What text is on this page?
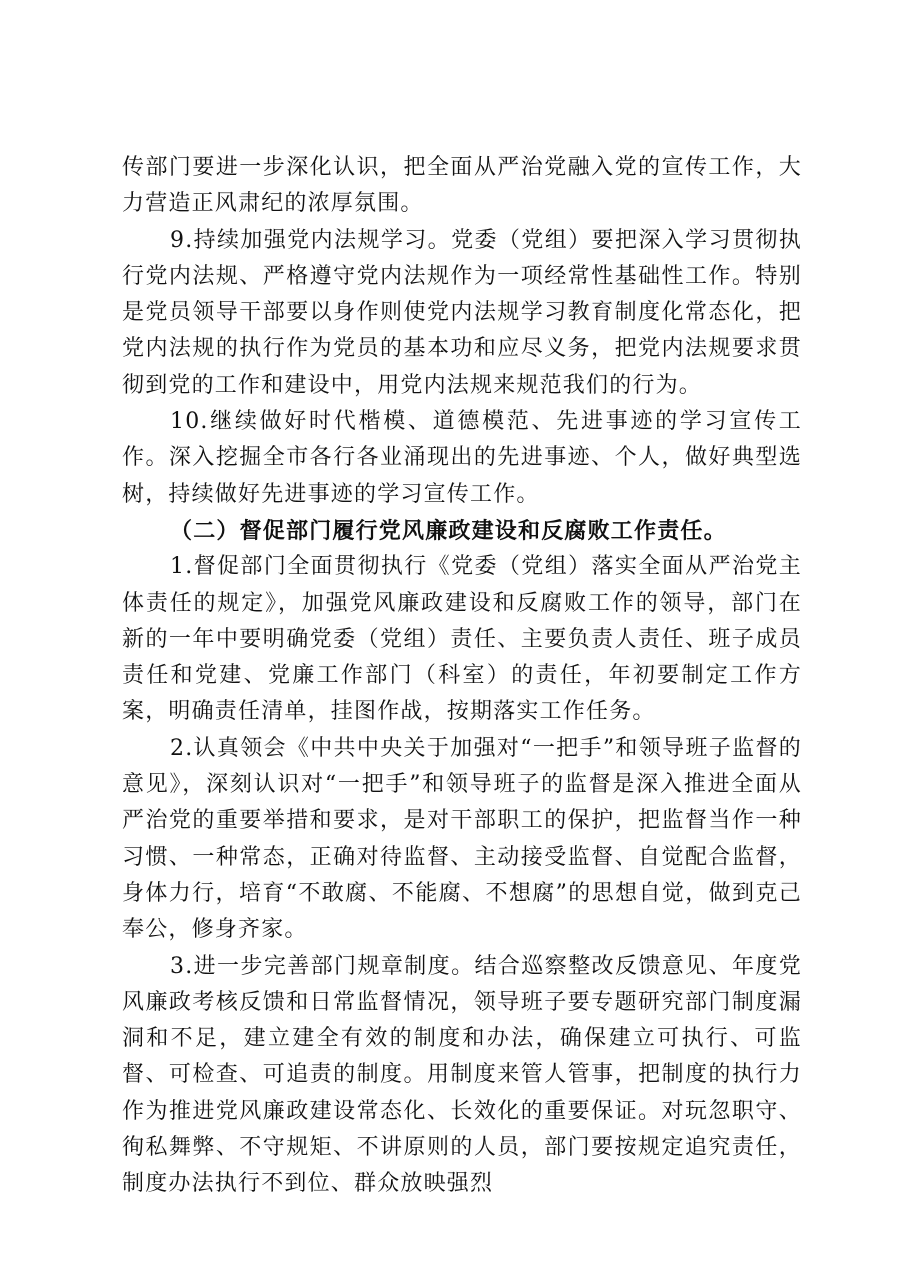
传部门要进一步深化认识，把全面从严治党融入党的宣传工作，大力营造正风肃纪的浓厚氛围。

9.持续加强党内法规学习。党委（党组）要把深入学习贯彻执行党内法规、严格遵守党内法规作为一项经常性基础性工作。特别是党员领导干部要以身作则使党内法规学习教育制度化常态化，把党内法规的执行作为党员的基本功和应尽义务，把党内法规要求贯彻到党的工作和建设中，用党内法规来规范我们的行为。

10.继续做好时代楷模、道德模范、先进事迹的学习宣传工作。深入挖掘全市各行各业涌现出的先进事迹、个人，做好典型选树，持续做好先进事迹的学习宣传工作。

（二）督促部门履行党风廉政建设和反腐败工作责任。

1.督促部门全面贯彻执行《党委（党组）落实全面从严治党主体责任的规定》，加强党风廉政建设和反腐败工作的领导，部门在新的一年中要明确党委（党组）责任、主要负责人责任、班子成员责任和党建、党廉工作部门（科室）的责任，年初要制定工作方案，明确责任清单，挂图作战，按期落实工作任务。

2.认真领会《中共中央关于加强对“一把手”和领导班子监督的意见》，深刻认识对“一把手”和领导班子的监督是深入推进全面从严治党的重要举措和要求，是对干部职工的保护，把监督当作一种习惯、一种常态，正确对待监督、主动接受监督、自觉配合监督，身体力行，培育“不敢腐、不能腐、不想腐”的思想自觉，做到克己奉公，修身齐家。

3.进一步完善部门规章制度。结合巡察整改反馈意见、年度党风廉政考核反馈和日常监督情况，领导班子要专题研究部门制度漏洞和不足，建立建全有效的制度和办法，确保建立可执行、可监督、可检查、可追责的制度。用制度来管人管事，把制度的执行力作为推进党风廉政建设常态化、长效化的重要保证。对玩忽职守、徇私舞弊、不守规矩、不讲原则的人员，部门要按规定追究责任，制度办法执行不到位、群众放映强烈
